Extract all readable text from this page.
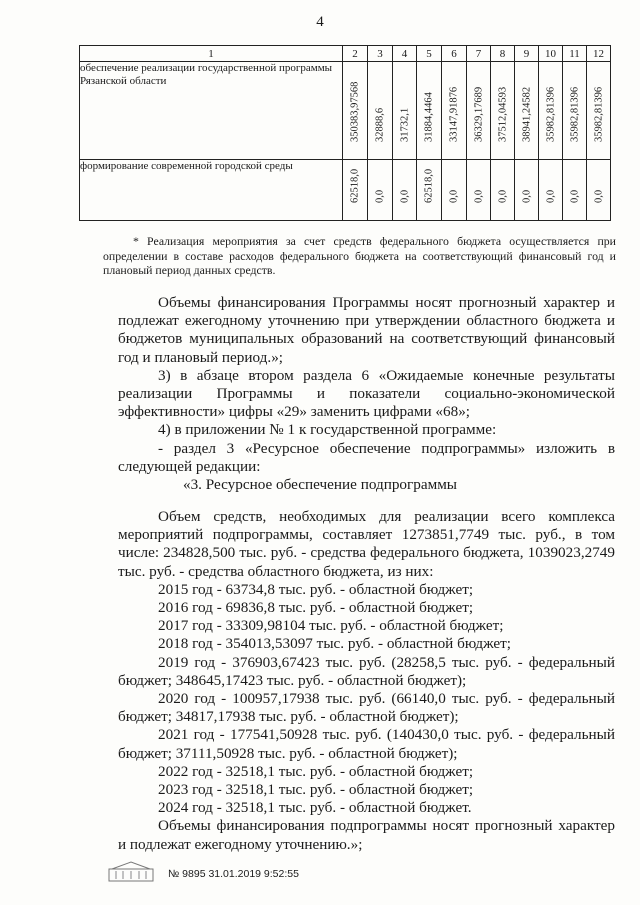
4
1	2	3	4	5	6	7	8	9	10	11	12
обеспечение реализации государственной программы Рязанской области	350383,97568	32888,6	31732,1	31884,4464	33147,91876	36329,17689	37512,04593	38941,24582	35982,81396	35982,81396	35982,81396

формирование современной городской среды	62518,0	0,0	0,0	62518,0	0,0	0,0	0,0	0,0	0,0	0,0	0,0

* Реализация мероприятия за счет средств федерального бюджета осуществляется при определении в составе расходов федерального бюджета на соответствующий финансовый год и плановый период данных средств.

Объемы финансирования Программы носят прогнозный характер и подлежат ежегодному уточнению при утверждении областного бюджета и бюджетов муниципальных образований на соответствующий финансовый год и плановый период.»;

3) в абзаце втором раздела 6 «Ожидаемые конечные результаты реализации Программы и показатели социально-экономической эффективности» цифры «29» заменить цифрами «68»;

4) в приложении № 1 к государственной программе:

- раздел 3 «Ресурсное обеспечение подпрограммы» изложить в следующей редакции:

«3. Ресурсное обеспечение подпрограммы

Объем средств, необходимых для реализации всего комплекса мероприятий подпрограммы, составляет 1273851,7749 тыс. руб., в том числе: 234828,500 тыс. руб. - средства федерального бюджета, 1039023,2749 тыс. руб. - средства областного бюджета, из них:

2015 год - 63734,8 тыс. руб. - областной бюджет;

2016 год - 69836,8 тыс. руб. - областной бюджет;

2017 год - 33309,98104 тыс. руб. - областной бюджет;

2018 год - 354013,53097 тыс. руб. - областной бюджет;

2019 год - 376903,67423 тыс. руб. (28258,5 тыс. руб. - федеральный бюджет; 348645,17423 тыс. руб. - областной бюджет);

2020 год - 100957,17938 тыс. руб. (66140,0 тыс. руб. - федеральный бюджет; 34817,17938 тыс. руб. - областной бюджет);

2021 год - 177541,50928 тыс. руб. (140430,0 тыс. руб. - федеральный бюджет; 37111,50928 тыс. руб. - областной бюджет);

2022 год - 32518,1 тыс. руб. - областной бюджет;

2023 год - 32518,1 тыс. руб. - областной бюджет;

2024 год - 32518,1 тыс. руб. - областной бюджет.

Объемы финансирования подпрограммы носят прогнозный характер и подлежат ежегодному уточнению.»;

№ 9895 31.01.2019 9:52:55
